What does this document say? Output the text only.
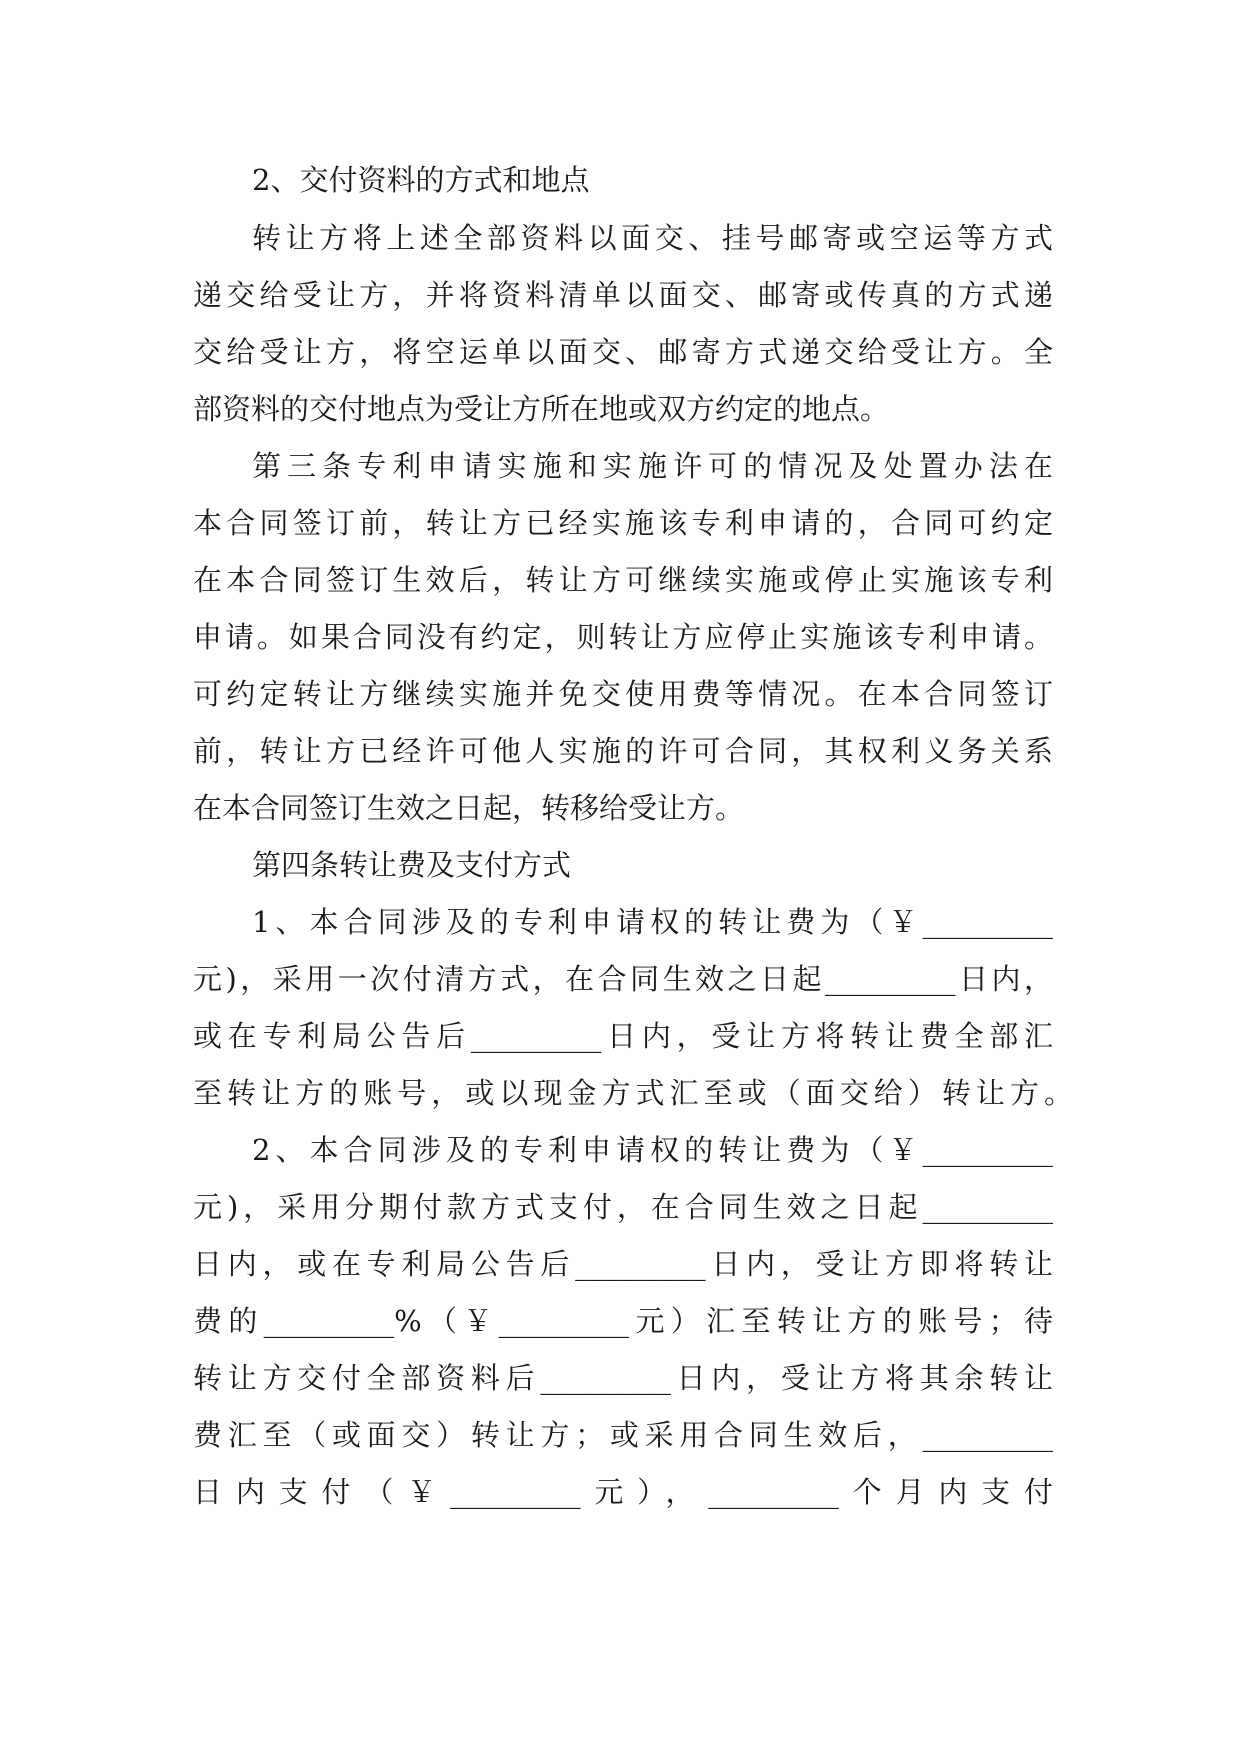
2、交付资料的方式和地点
转让方将上述全部资料以面交、挂号邮寄或空运等方式
递交给受让方，并将资料清单以面交、邮寄或传真的方式递
交给受让方，将空运单以面交、邮寄方式递交给受让方。全
部资料的交付地点为受让方所在地或双方约定的地点。
第三条专利申请实施和实施许可的情况及处置办法在
本合同签订前，转让方已经实施该专利申请的，合同可约定
在本合同签订生效后，转让方可继续实施或停止实施该专利
申请。如果合同没有约定，则转让方应停止实施该专利申请。
可约定转让方继续实施并免交使用费等情况。在本合同签订
前，转让方已经许可他人实施的许可合同，其权利义务关系
在本合同签订生效之日起，转移给受让方。
第四条转让费及支付方式
1、本合同涉及的专利申请权的转让费为（￥_________
元)，采用一次付清方式，在合同生效之日起_________日内，
或在专利局公告后_________日内，受让方将转让费全部汇
至转让方的账号，或以现金方式汇至或（面交给）转让方。
2、本合同涉及的专利申请权的转让费为（￥_________
元)，采用分期付款方式支付，在合同生效之日起_________
日内，或在专利局公告后_________日内，受让方即将转让
费的_________%（￥_________元）汇至转让方的账号；待
转让方交付全部资料后_________日内，受让方将其余转让
费汇至（或面交）转让方；或采用合同生效后，_________
日内支付（￥_________元），_________个月内支付
